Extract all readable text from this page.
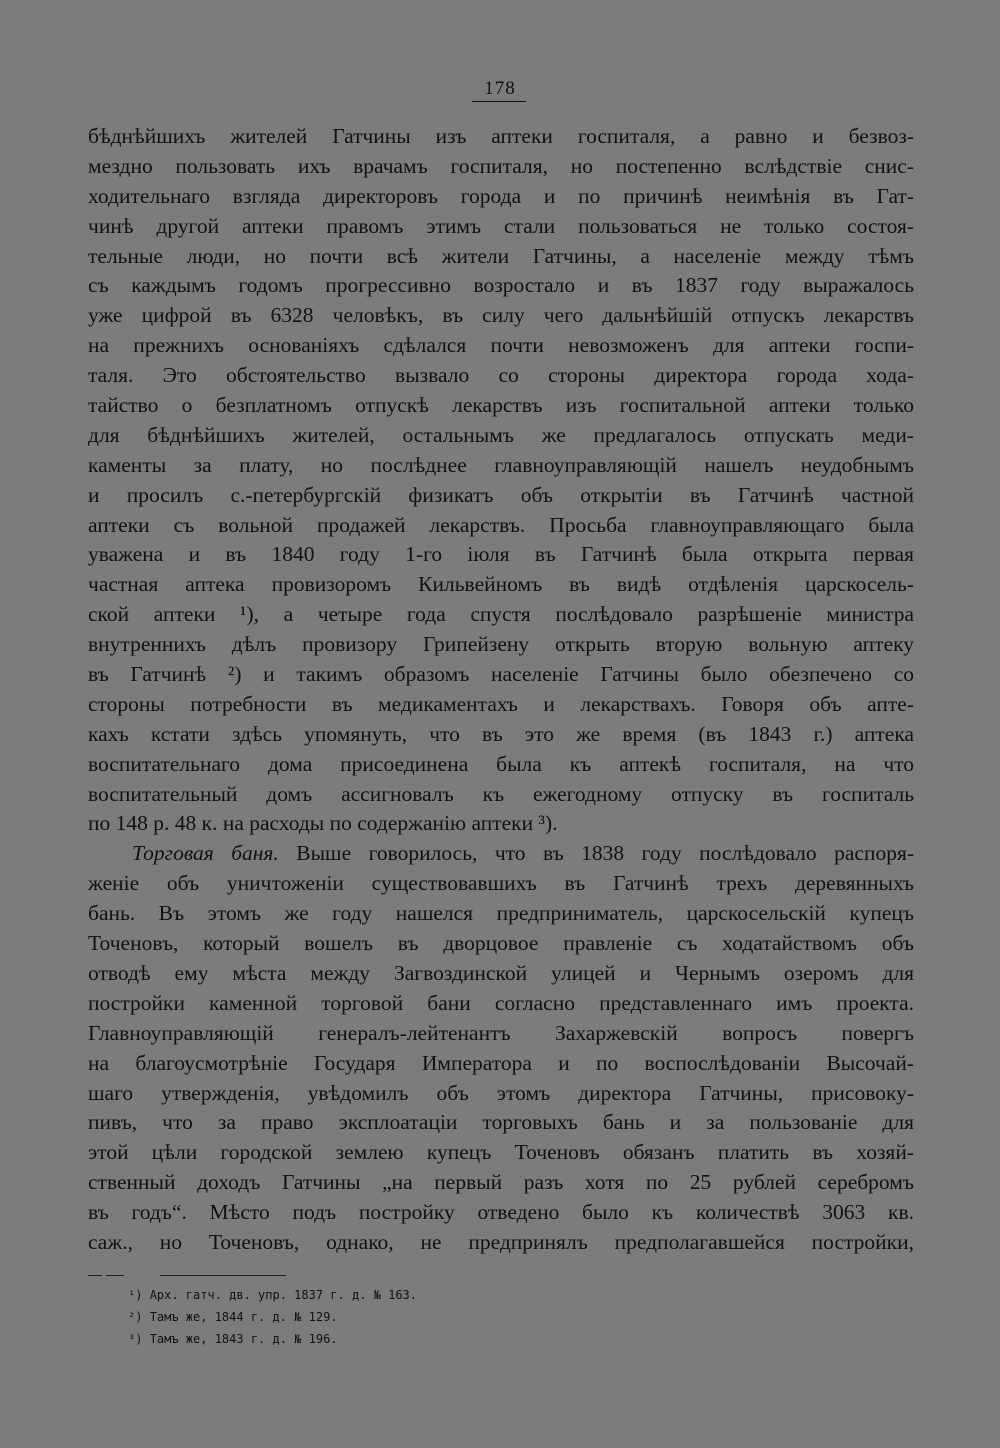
178
бѣднѣйшихъ жителей Гатчины изъ аптеки госпиталя, а равно и безвоз-
мездно пользовать ихъ врачамъ госпиталя, но постепенно вслѣдствіе снис-
ходительнаго взгляда директоровъ города и по причинѣ неимѣнія въ Гат-
чинѣ другой аптеки правомъ этимъ стали пользоваться не только состоя-
тельные люди, но почти всѣ жители Гатчины, а населеніе между тѣмъ
съ каждымъ годомъ прогрессивно возростало и въ 1837 году выражалось
уже цифрой въ 6328 человѣкъ, въ силу чего дальнѣйшій отпускъ лекарствъ
на прежнихъ основаніяхъ сдѣлался почти невозможенъ для аптеки госпи-
таля. Это обстоятельство вызвало со стороны директора города хода-
тайство о безплатномъ отпускѣ лекарствъ изъ госпитальной аптеки только
для бѣднѣйшихъ жителей, остальнымъ же предлагалось отпускать меди-
каменты за плату, но послѣднее главноуправляющій нашелъ неудобнымъ
и просилъ с.-петербургскій физикатъ объ открытіи въ Гатчинѣ частной
аптеки съ вольной продажей лекарствъ. Просьба главноуправляющаго была
уважена и въ 1840 году 1-го іюля въ Гатчинѣ была открыта первая
частная аптека провизоромъ Кильвейномъ въ видѣ отдѣленія царскосель-
ской аптеки ¹), а четыре года спустя послѣдовало разрѣшеніе министра
внутреннихъ дѣлъ провизору Грипейзену открыть вторую вольную аптеку
въ Гатчинѣ ²) и такимъ образомъ населеніе Гатчины было обезпечено со
стороны потребности въ медикаментахъ и лекарствахъ. Говоря объ апте-
кахъ кстати здѣсь упомянуть, что въ это же время (въ 1843 г.) аптека
воспитательнаго дома присоединена была къ аптекѣ госпиталя, на что
воспитательный домъ ассигновалъ къ ежегодному отпуску въ госпиталь
по 148 р. 48 к. на расходы по содержанію аптеки ³).
Торговая баня. Выше говорилось, что въ 1838 году послѣдовало распоря-
женіе объ уничтоженіи существовавшихъ въ Гатчинѣ трехъ деревянныхъ
бань. Въ этомъ же году нашелся предприниматель, царскосельскій купецъ
Точеновъ, который вошелъ въ дворцовое правленіе съ ходатайствомъ объ
отводѣ ему мѣста между Загвоздинской улицей и Чернымъ озеромъ для
постройки каменной торговой бани согласно представленнаго имъ проекта.
Главноуправляющій генералъ-лейтенантъ Захаржевскій вопросъ повергъ
на благоусмотрѣніе Государя Императора и по воспослѣдованіи Высочай-
шаго утвержденія, увѣдомилъ объ этомъ директора Гатчины, присовоку-
пивъ, что за право эксплоатаціи торговыхъ бань и за пользованіе для
этой цѣли городской землею купецъ Точеновъ обязанъ платить въ хозяй-
ственный доходъ Гатчины „на первый разъ хотя по 25 рублей серебромъ
въ годъ“. Мѣсто подъ постройку отведено было къ количествѣ 3063 кв.
саж., но Точеновъ, однако, не предпринялъ предполагавшейся постройки,
¹) Арх. гатч. дв. упр. 1837 г. д. № 163.
²) Тамъ же, 1844 г. д. № 129.
³) Тамъ же, 1843 г. д. № 196.
